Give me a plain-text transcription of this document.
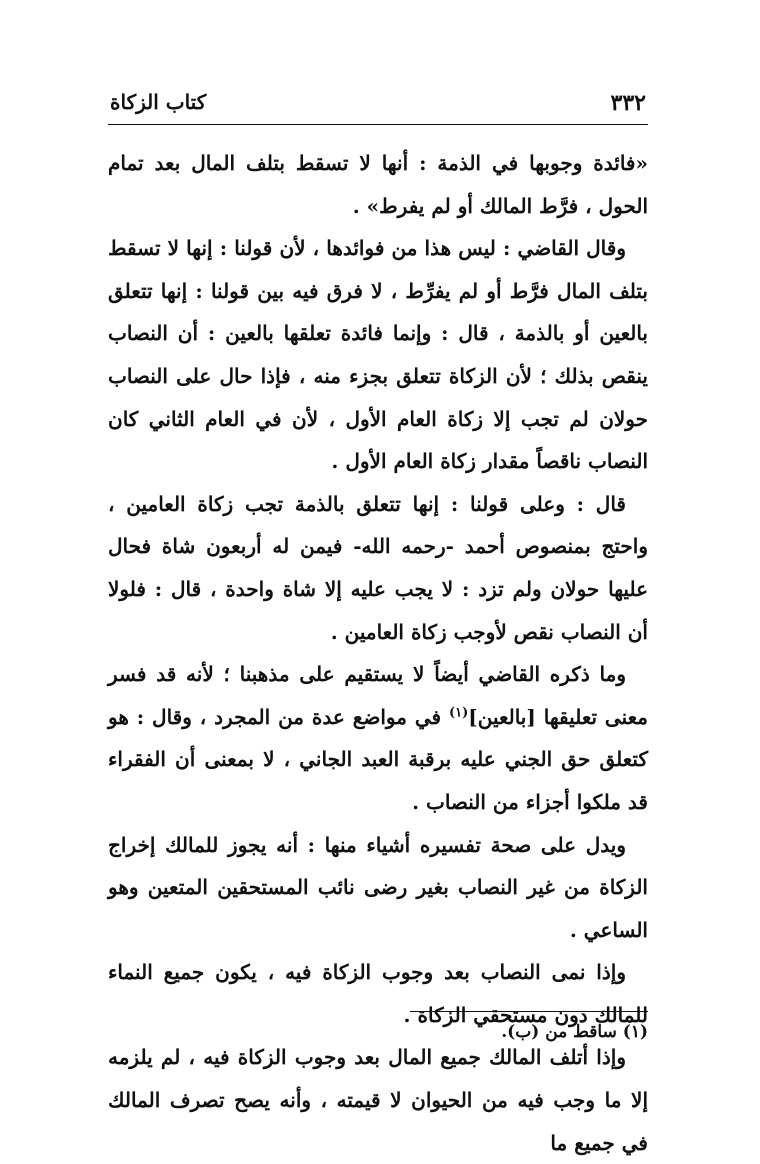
٣٣٢
كتاب الزكاة

«فائدة وجوبها في الذمة : أنها لا تسقط بتلف المال بعد تمام الحول ، فرَّط المالك أو لم يفرط» .

وقال القاضي : ليس هذا من فوائدها ، لأن قولنا : إنها لا تسقط بتلف المال فرَّط أو لم يفرِّط ، لا فرق فيه بين قولنا : إنها تتعلق بالعين أو بالذمة ، قال : وإنما فائدة تعلقها بالعين : أن النصاب ينقص بذلك ؛ لأن الزكاة تتعلق بجزء منه ، فإذا حال على النصاب حولان لم تجب إلا زكاة العام الأول ، لأن في العام الثاني كان النصاب ناقصاً مقدار زكاة العام الأول .

قال : وعلى قولنا : إنها تتعلق بالذمة تجب زكاة العامين ، واحتج بمنصوص أحمد -رحمه الله- فيمن له أربعون شاة فحال عليها حولان ولم تزد : لا يجب عليه إلا شاة واحدة ، قال : فلولا أن النصاب نقص لأوجب زكاة العامين .

وما ذكره القاضي أيضاً لا يستقيم على مذهبنا ؛ لأنه قد فسر معنى تعليقها [بالعين]$^{(١)}$ في مواضع عدة من المجرد ، وقال : هو كتعلق حق الجني عليه برقبة العبد الجاني ، لا بمعنى أن الفقراء قد ملكوا أجزاء من النصاب .

ويدل على صحة تفسيره أشياء منها : أنه يجوز للمالك إخراج الزكاة من غير النصاب بغير رضى نائب المستحقين المتعين وهو الساعي .

وإذا نمى النصاب بعد وجوب الزكاة فيه ، يكون جميع النماء للمالك دون مستحقي الزكاة .

وإذا أتلف المالك جميع المال بعد وجوب الزكاة فيه ، لم يلزمه إلا ما وجب فيه من الحيوان لا قيمته ، وأنه يصح تصرف المالك في جميع ما

(١) ساقط من (ب).
